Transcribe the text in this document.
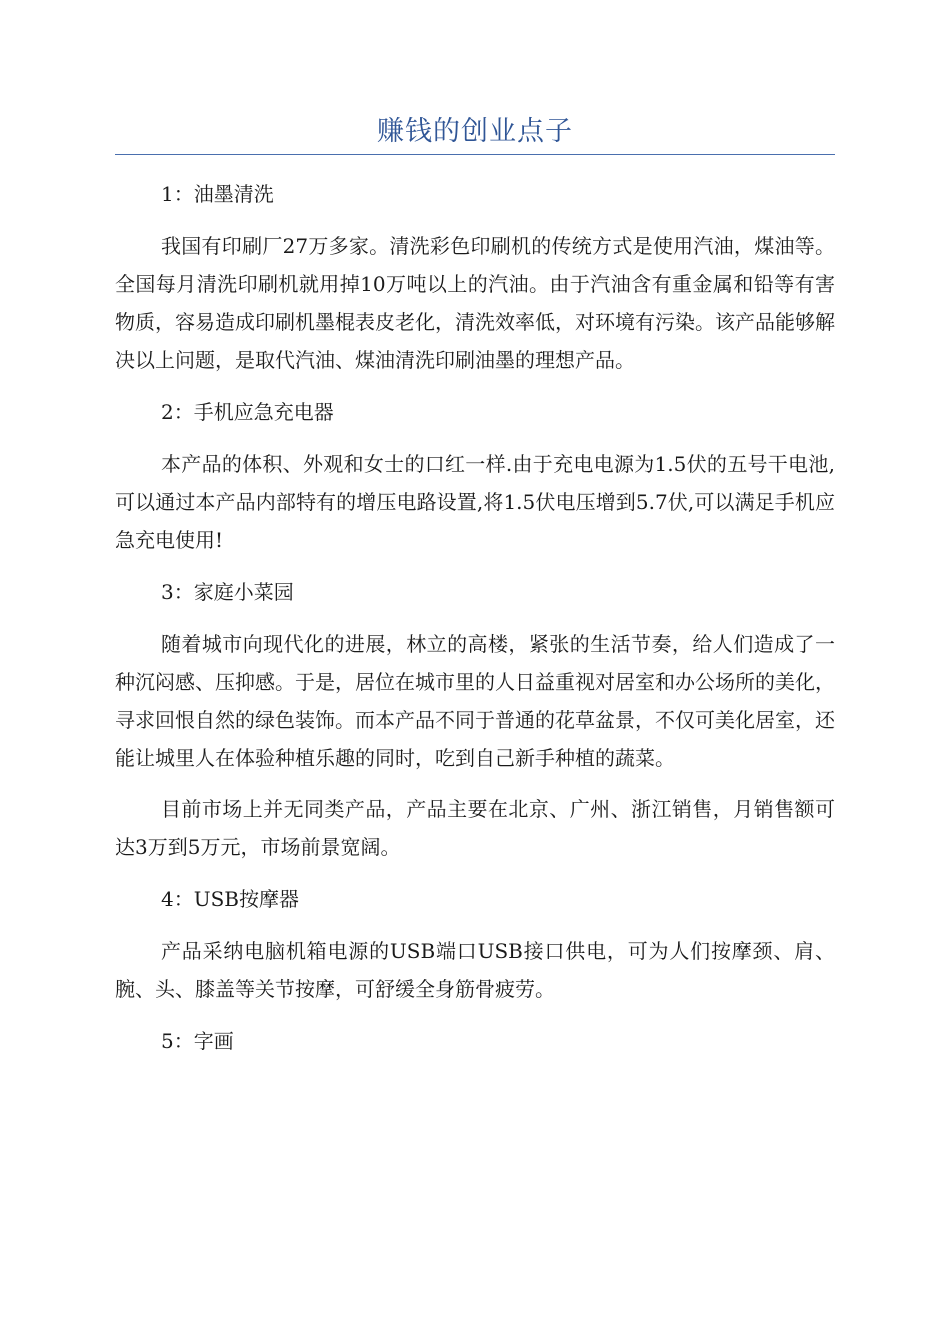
赚钱的创业点子
1：油墨清洗

我国有印刷厂27万多家。清洗彩色印刷机的传统方式是使用汽油，煤油等。全国每月清洗印刷机就用掉10万吨以上的汽油。由于汽油含有重金属和铅等有害物质，容易造成印刷机墨棍表皮老化，清洗效率低，对环境有污染。该产品能够解决以上问题，是取代汽油、煤油清洗印刷油墨的理想产品。

2：手机应急充电器

本产品的体积、外观和女士的口红一样.由于充电电源为1.5伏的五号干电池,可以通过本产品内部特有的增压电路设置,将1.5伏电压增到5.7伏,可以满足手机应急充电使用!

3：家庭小菜园

随着城市向现代化的进展，林立的高楼，紧张的生活节奏，给人们造成了一种沉闷感、压抑感。于是，居位在城市里的人日益重视对居室和办公场所的美化，寻求回恨自然的绿色装饰。而本产品不同于普通的花草盆景，不仅可美化居室，还能让城里人在体验种植乐趣的同时，吃到自己新手种植的蔬菜。

目前市场上并无同类产品，产品主要在北京、广州、浙江销售，月销售额可达3万到5万元，市场前景宽阔。

4：USB按摩器

产品采纳电脑机箱电源的USB端口USB接口供电，可为人们按摩颈、肩、腕、头、膝盖等关节按摩，可舒缓全身筋骨疲劳。

5：字画
